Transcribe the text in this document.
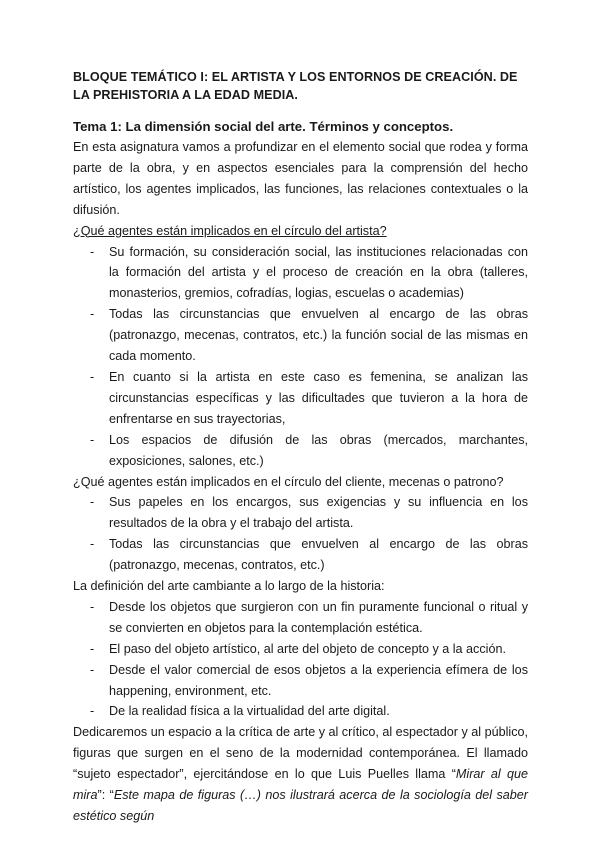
BLOQUE TEMÁTICO I: EL ARTISTA Y LOS ENTORNOS DE CREACIÓN. DE LA PREHISTORIA A LA EDAD MEDIA.

Tema 1: La dimensión social del arte. Términos y conceptos.

En esta asignatura vamos a profundizar en el elemento social que rodea y forma parte de la obra, y en aspectos esenciales para la comprensión del hecho artístico, los agentes implicados, las funciones, las relaciones contextuales o la difusión.

¿Qué agentes están implicados en el círculo del artista?

- Su formación, su consideración social, las instituciones relacionadas con la formación del artista y el proceso de creación en la obra (talleres, monasterios, gremios, cofradías, logias, escuelas o academias)
- Todas las circunstancias que envuelven al encargo de las obras (patronazgo, mecenas, contratos, etc.) la función social de las mismas en cada momento.
- En cuanto si la artista en este caso es femenina, se analizan las circunstancias específicas y las dificultades que tuvieron a la hora de enfrentarse en sus trayectorias,
- Los espacios de difusión de las obras (mercados, marchantes, exposiciones, salones, etc.)

¿Qué agentes están implicados en el círculo del cliente, mecenas o patrono?

- Sus papeles en los encargos, sus exigencias y su influencia en los resultados de la obra y el trabajo del artista.
- Todas las circunstancias que envuelven al encargo de las obras (patronazgo, mecenas, contratos, etc.)

La definición del arte cambiante a lo largo de la historia:

- Desde los objetos que surgieron con un fin puramente funcional o ritual y se convierten en objetos para la contemplación estética.
- El paso del objeto artístico, al arte del objeto de concepto y a la acción.
- Desde el valor comercial de esos objetos a la experiencia efímera de los happening, environment, etc.
- De la realidad física a la virtualidad del arte digital.

Dedicaremos un espacio a la crítica de arte y al crítico, al espectador y al público, figuras que surgen en el seno de la modernidad contemporánea. El llamado “sujeto espectador”, ejercitándose en lo que Luis Puelles llama “Mirar al que mira”: “Este mapa de figuras (…) nos ilustrará acerca de la sociología del saber estético según
